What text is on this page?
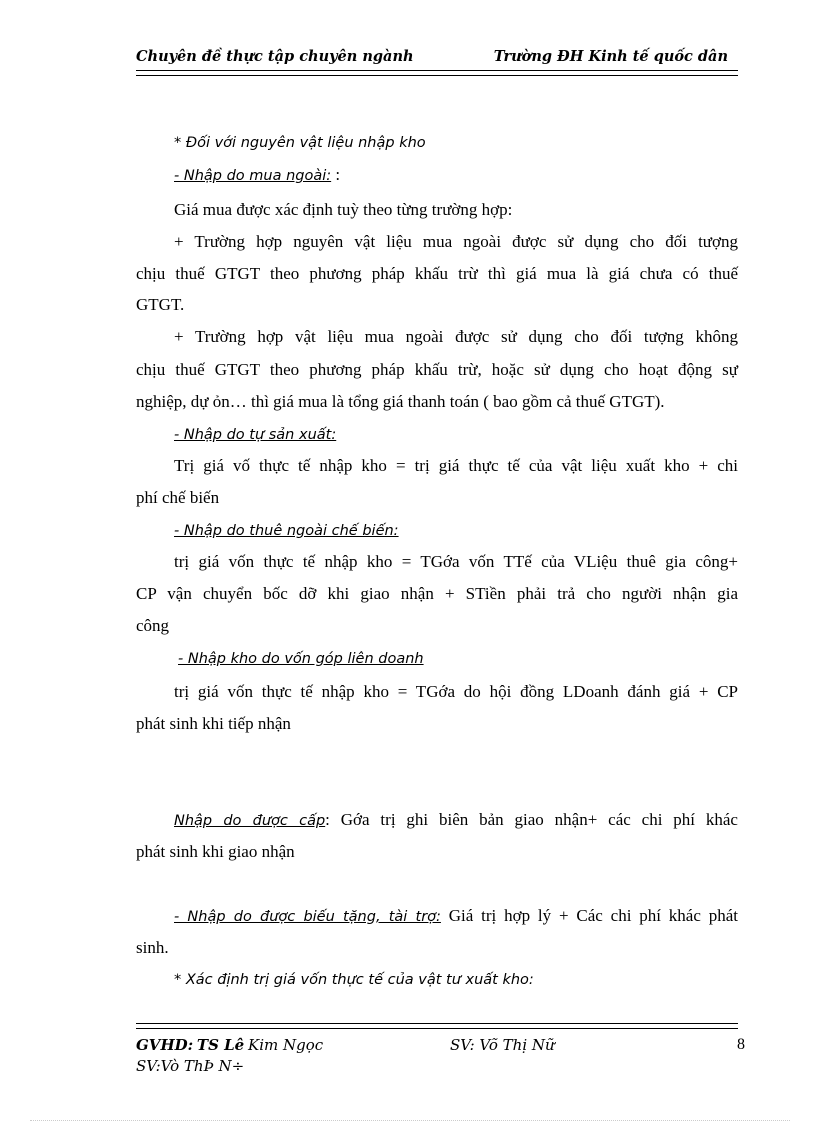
Chuyên đề thực tập chuyên ngành	Trường ĐH Kinh tế quốc dân
* Đối với nguyên vật liệu nhập kho
- Nhập do mua ngoài: :
Giá mua được xác định tuỳ theo từng trường hợp:
+ Trường hợp nguyên vật liệu mua ngoài được sử dụng cho đối tượng
chịu thuế GTGT theo phương pháp khấu trừ thì giá mua là giá chưa có thuế
GTGT.
+ Trường hợp vật liệu mua ngoài được sử dụng cho đối tượng không
chịu thuế GTGT theo phương pháp khấu trừ, hoặc sử dụng cho hoạt động sự
nghiệp, dự ỏn… thì giá mua là tổng giá thanh toán ( bao gồm cả thuế GTGT).
- Nhập do tự sản xuất:
Trị giá vố thực tế nhập kho = trị giá thực tế của vật liệu xuất kho + chi
phí chế biến
- Nhập do thuê ngoài chế biến:
trị giá vốn thực tế nhập kho = TGớa vốn TTế của VLiệu thuê gia công+
CP vận chuyển bốc dỡ khi giao nhận + STiền phải trả cho người nhận gia
công
- Nhập kho do vốn góp liên doanh
trị giá vốn thực tế nhập kho = TGớa do hội đồng LDoanh đánh giá + CP
phát sinh khi tiếp nhận
Nhập do được cấp: Gớa trị ghi biên bản giao nhận+ các chi phí khác
phát sinh khi giao nhận
- Nhập do được biếu tặng, tài trợ: Giá trị hợp lý + Các chi phí khác phát
sinh.
* Xác định trị giá vốn thực tế của vật tư xuất kho:
GVHD: TS Lê Kim Ngọc	SV: Võ Thị Nữ	8
SV:Vò ThÞ N÷
